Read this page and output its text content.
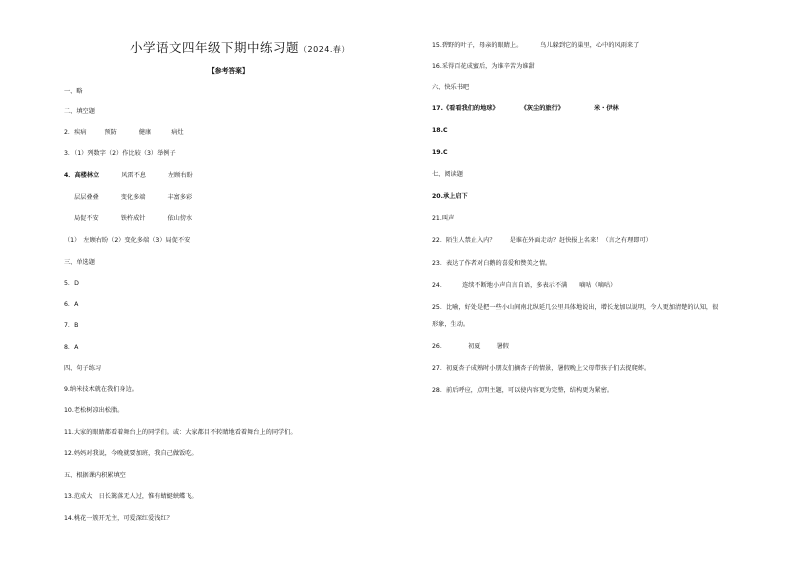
小学语文四年级下期中练习题（2024.春）
【参考答案】
一、略
二、填空题
2．疾病	预防	健康	病灶
3．（1）列数字（2）作比较（3）举例子
4．高楼林立	风雷不息	左顾右盼
层层叠叠	变化多端	丰富多彩
局促不安	铁杵成针	依山傍水
（1）　左顾右盼（2）变化多端（3）局促不安
三、单选题
5．D
6．A
7．B
8．A
四、句子练习
9.纳米技术就在我们身边。
10.老松树凉出松脂。
11.大家的眼睛都看着舞台上的同学们。或：大家都目不转睛地看着舞台上的同学们。
12.妈妈对我说，今晚就要加班，我自己做饭吃。
五、根据课内积累填空
13.范成大　日长篱落无人过，惟有蜻蜓蛱蝶飞。
14.桃花一簇开无主，可爱深红爱浅红？
15.碧野的叶子，母亲的眼睛上。	鸟儿躲到它的巢里，心中的风雨来了
16.采得百花成蜜后，为谁辛苦为谁甜
六、快乐书吧
17.《看看我们的地球》	《灰尘的旅行》	米・伊林
18.C
19.C
七、阅读题
20.承上启下
21.叫声
22．陌生人禁止入内？ 是谁在外面走动？赶快报上名来！（言之有理即可）
23．表达了作者对白鹅的喜爱和赞美之情。
24．	连续不断地小声自言自语，多表示不满 嘀咕（嘀咕）
25．比喻，好处是把一些小山间南北纵延几公里具体地说出，增长龙加以说明，令人更加清楚的认知，很
形象，生动。
26．	初夏	暑假
27．初夏杏子成熟时小朋友们摘杏子的情景，暑假晚上父母带孩子们去捉爬蚱。
28．前后呼应，点明主题，可以使内容更为完整，结构更为紧密。
